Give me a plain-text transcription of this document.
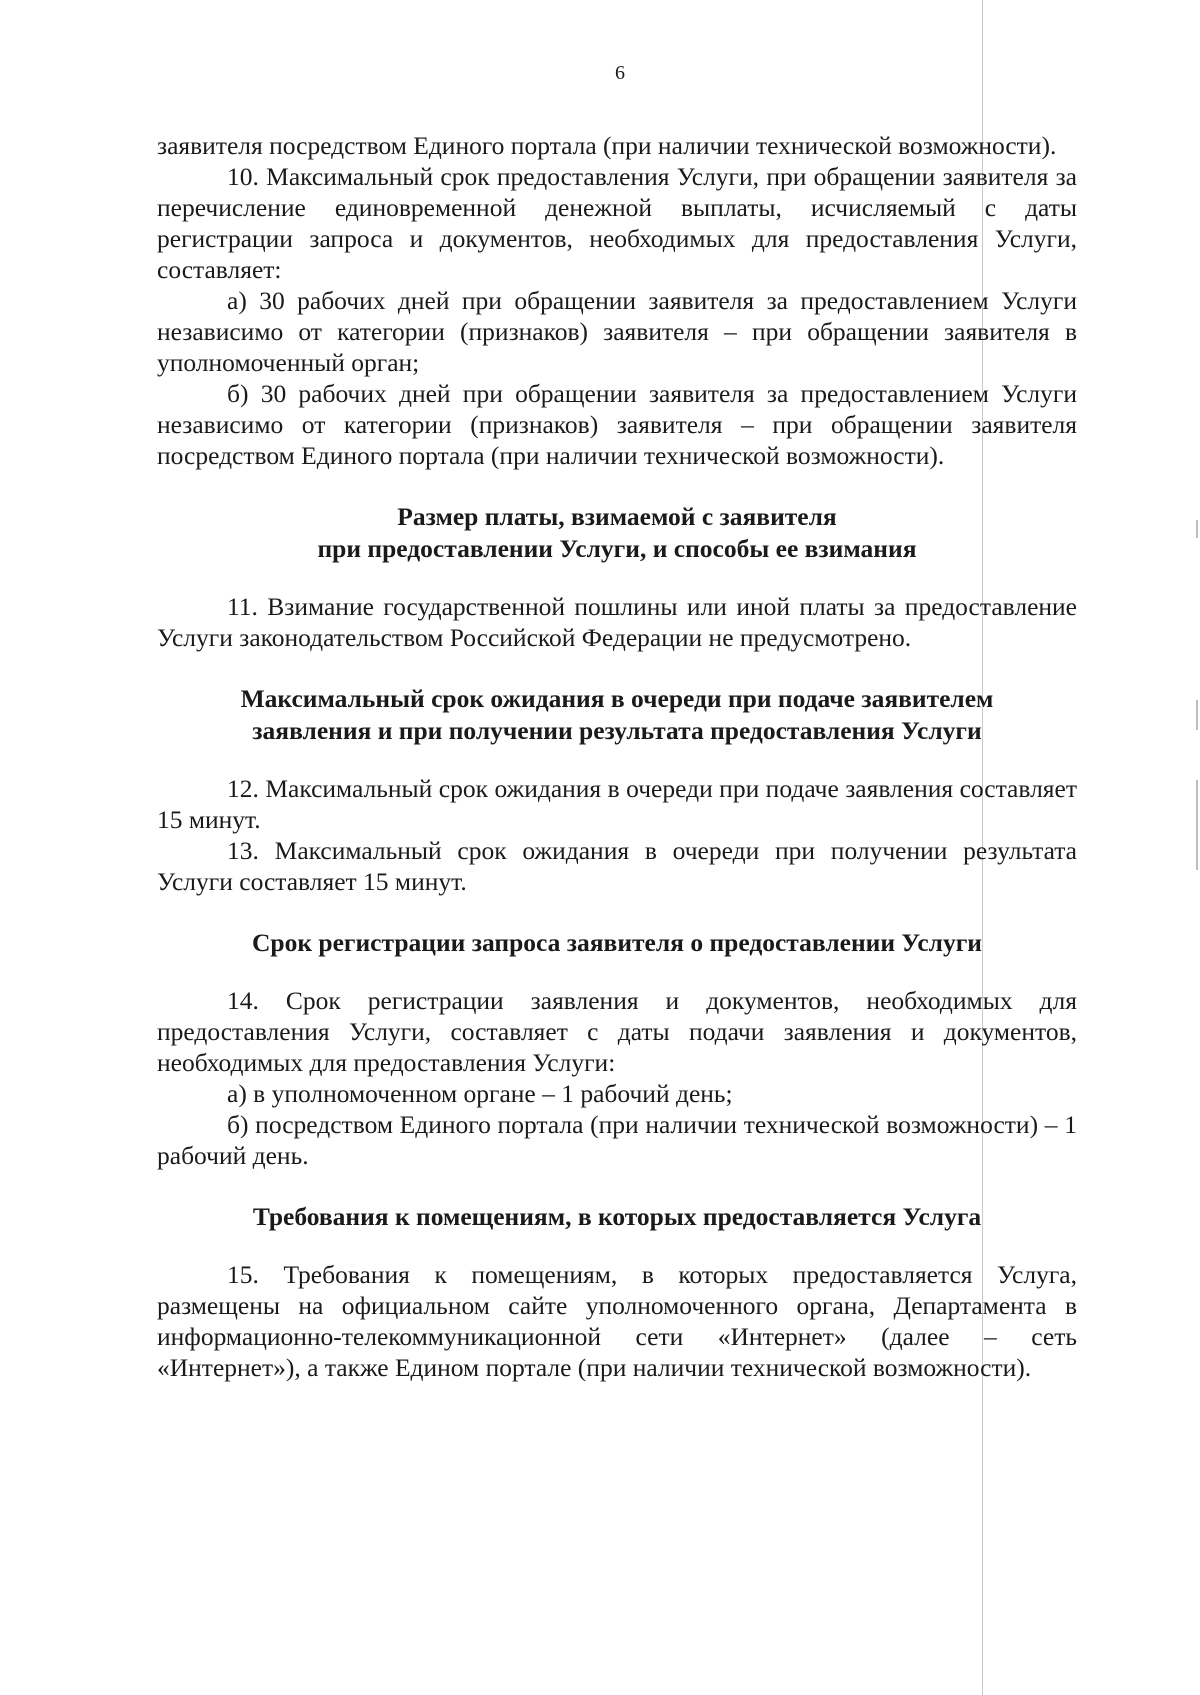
6

заявителя посредством Единого портала (при наличии технической возможности).

10. Максимальный срок предоставления Услуги, при обращении заявителя за перечисление единовременной денежной выплаты, исчисляемый с даты регистрации запроса и документов, необходимых для предоставления Услуги, составляет:

а) 30 рабочих дней при обращении заявителя за предоставлением Услуги независимо от категории (признаков) заявителя – при обращении заявителя в уполномоченный орган;

б) 30 рабочих дней при обращении заявителя за предоставлением Услуги независимо от категории (признаков) заявителя – при обращении заявителя посредством Единого портала (при наличии технической возможности).

Размер платы, взимаемой с заявителя
при предоставлении Услуги, и способы ее взимания

11. Взимание государственной пошлины или иной платы за предоставление Услуги законодательством Российской Федерации не предусмотрено.

Максимальный срок ожидания в очереди при подаче заявителем
заявления и при получении результата предоставления Услуги

12. Максимальный срок ожидания в очереди при подаче заявления составляет 15 минут.

13. Максимальный срок ожидания в очереди при получении результата Услуги составляет 15 минут.

Срок регистрации запроса заявителя о предоставлении Услуги

14. Срок регистрации заявления и документов, необходимых для предоставления Услуги, составляет с даты подачи заявления и документов, необходимых для предоставления Услуги:

а) в уполномоченном органе – 1 рабочий день;

б) посредством Единого портала (при наличии технической возможности) – 1 рабочий день.

Требования к помещениям, в которых предоставляется Услуга

15. Требования к помещениям, в которых предоставляется Услуга, размещены на официальном сайте уполномоченного органа, Департамента в информационно-телекоммуникационной сети «Интернет» (далее – сеть «Интернет»), а также Едином портале (при наличии технической возможности).
